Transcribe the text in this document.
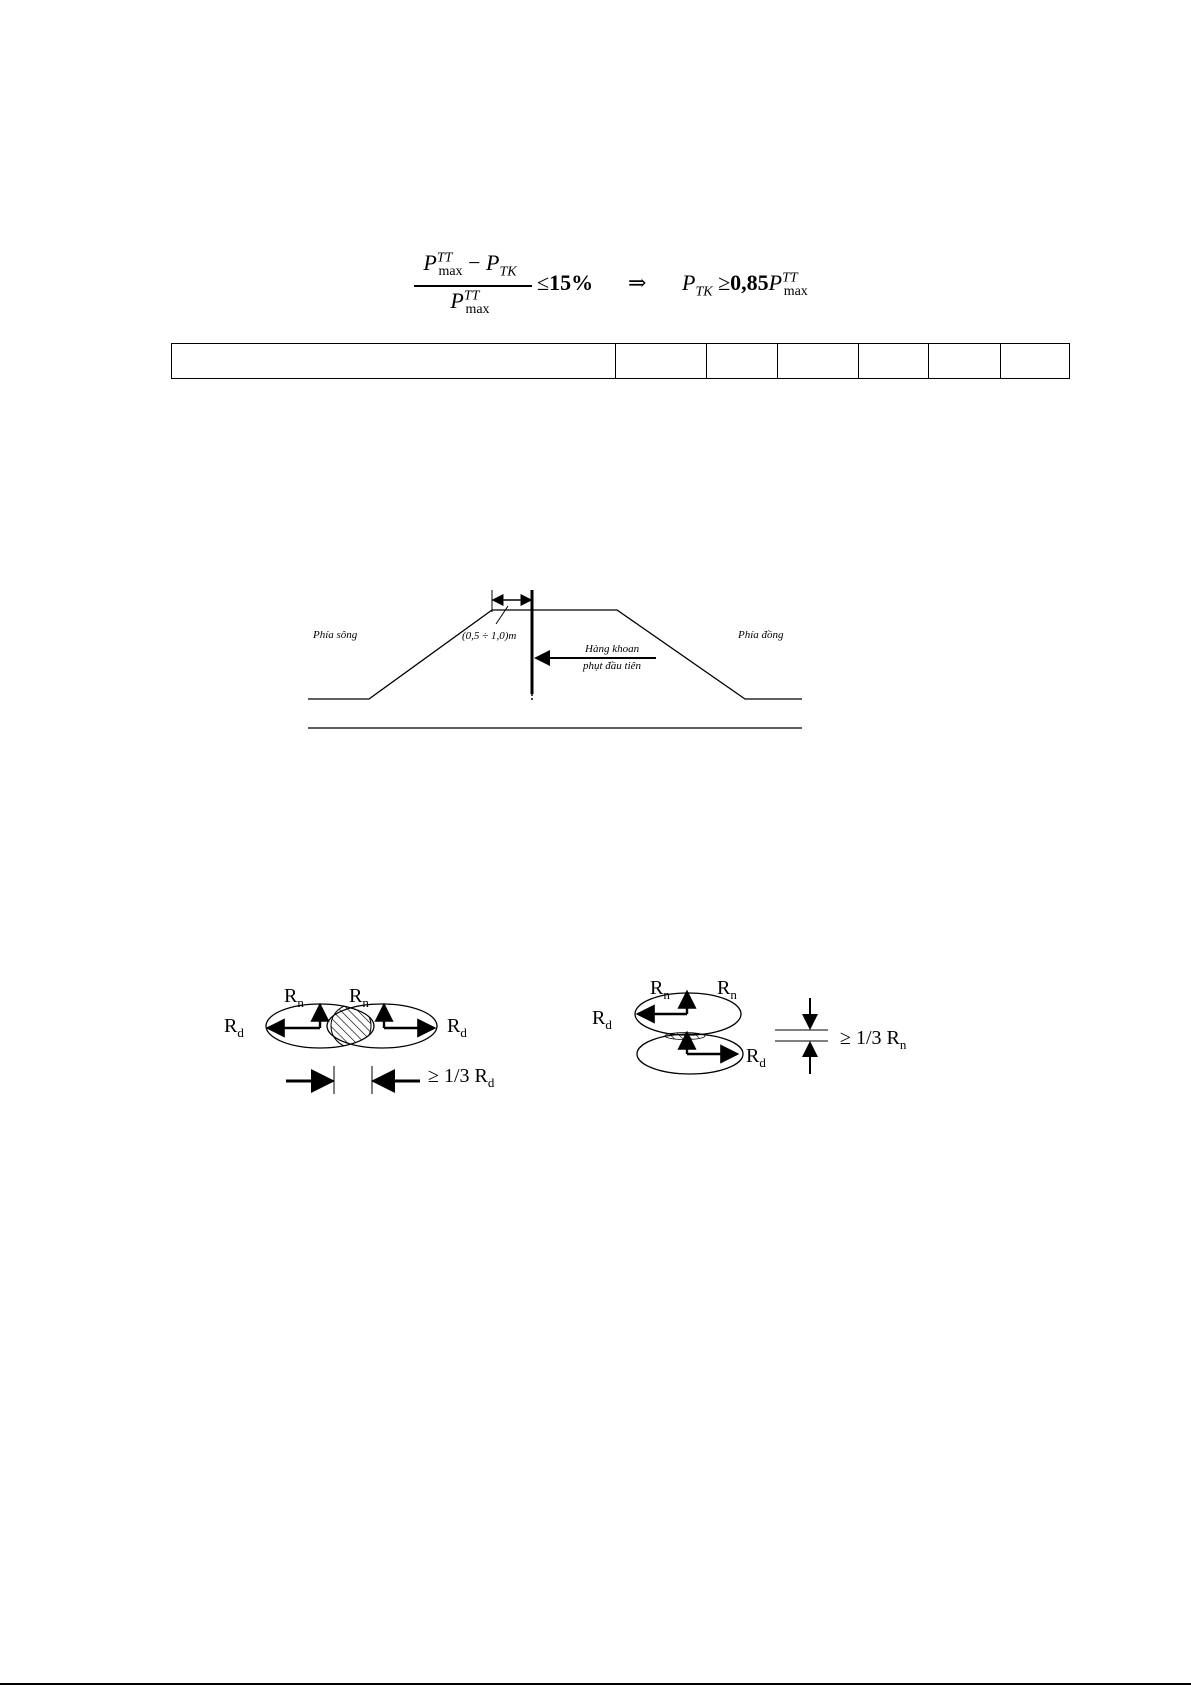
$P^{TT}_{max} - P_{TK}$
$P^{TT}_{max}$
≤15% ⇒ $P_{TK} \ge 0,85P^{TT}_{max}$
Phía sông	Phía đồng
(0,5 ÷ 1,0)m
Hàng khoan
phụt đầu tiên
$R_d$
$R_n$ $R_n$
$R_d$
≥ 1/3 $R_d$
$R_n$ $R_n$
$R_d$
$R_d$
≥ 1/3 $R_n$
